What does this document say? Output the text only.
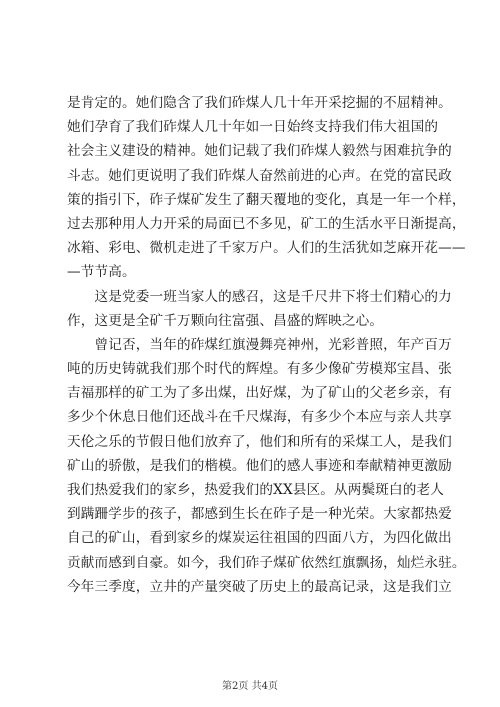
是肯定的。她们隐含了我们砟煤人几十年开采挖掘的不屈精神。
她们孕育了我们砟煤人几十年如一日始终支持我们伟大祖国的
社会主义建设的精神。她们记载了我们砟煤人毅然与困难抗争的
斗志。她们更说明了我们砟煤人奋然前进的心声。在党的富民政
策的指引下，砟子煤矿发生了翻天覆地的变化，真是一年一个样，
过去那种用人力开采的局面已不多见，矿工的生活水平日渐提高，
冰箱、彩电、微机走进了千家万户。人们的生活犹如芝麻开花——
—节节高。
　　这是党委一班当家人的感召，这是千尺井下将士们精心的力
作，这更是全矿千万颗向往富强、昌盛的辉映之心。
　　曾记否，当年的砟煤红旗漫舞亮神州，光彩普照，年产百万
吨的历史铸就我们那个时代的辉煌。有多少像矿劳模郑宝昌、张
吉福那样的矿工为了多出煤，出好煤，为了矿山的父老乡亲，有
多少个休息日他们还战斗在千尺煤海，有多少个本应与亲人共享
天伦之乐的节假日他们放弃了，他们和所有的采煤工人，是我们
矿山的骄傲，是我们的楷模。他们的感人事迹和奉献精神更激励
我们热爱我们的家乡，热爱我们的XX县区。从两鬓斑白的老人
到蹒跚学步的孩子，都感到生长在砟子是一种光荣。大家都热爱
自己的矿山，看到家乡的煤炭运往祖国的四面八方，为四化做出
贡献而感到自豪。如今，我们砟子煤矿依然红旗飘扬，灿烂永驻。
今年三季度，立井的产量突破了历史上的最高记录，这是我们立
第2页 共4页
